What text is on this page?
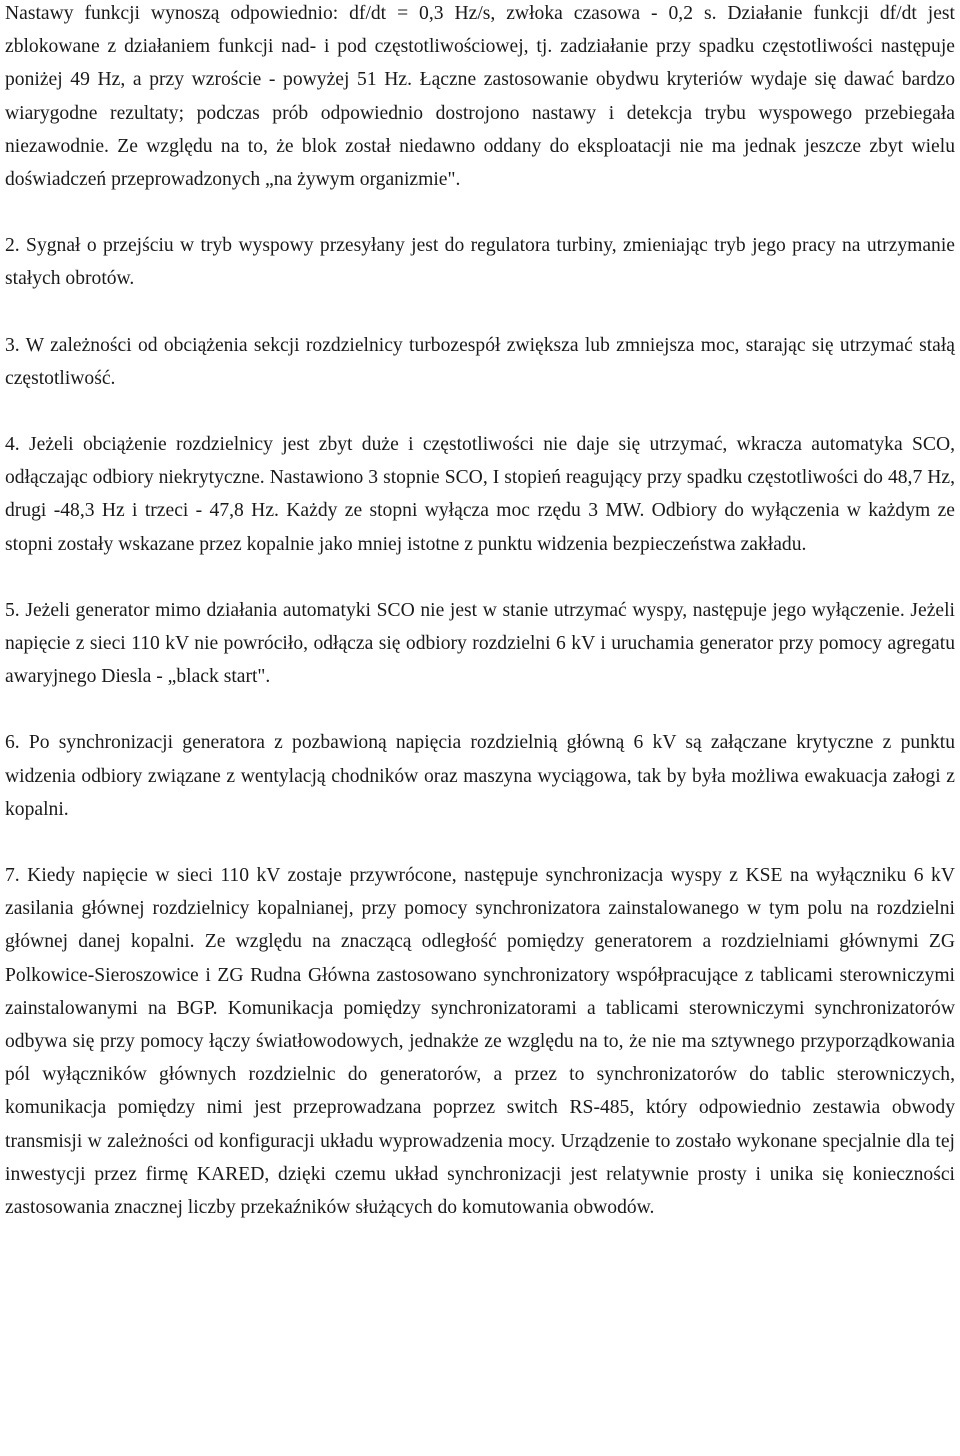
Nastawy funkcji wynoszą odpowiednio: df/dt = 0,3 Hz/s, zwłoka czasowa - 0,2 s. Działanie funkcji df/dt jest zblokowane z działaniem funkcji nad- i pod częstotliwościowej, tj. zadziałanie przy spadku częstotliwości następuje poniżej 49 Hz, a przy wzroście - powyżej 51 Hz. Łączne zastosowanie obydwu kryteriów wydaje się dawać bardzo wiarygodne rezultaty; podczas prób odpowiednio dostrojono nastawy i detekcja trybu wyspowego przebiegała niezawodnie. Ze względu na to, że blok został niedawno oddany do eksploatacji nie ma jednak jeszcze zbyt wielu doświadczeń przeprowadzonych „na żywym organizmie".

2. Sygnał o przejściu w tryb wyspowy przesyłany jest do regulatora turbiny, zmieniając tryb jego pracy na utrzymanie stałych obrotów.

3. W zależności od obciążenia sekcji rozdzielnicy turbozespół zwiększa lub zmniejsza moc, starając się utrzymać stałą częstotliwość.

4. Jeżeli obciążenie rozdzielnicy jest zbyt duże i częstotliwości nie daje się utrzymać, wkracza automatyka SCO, odłączając odbiory niekrytyczne. Nastawiono 3 stopnie SCO, I stopień reagujący przy spadku częstotliwości do 48,7 Hz, drugi -48,3 Hz i trzeci - 47,8 Hz. Każdy ze stopni wyłącza moc rzędu 3 MW. Odbiory do wyłączenia w każdym ze stopni zostały wskazane przez kopalnie jako mniej istotne z punktu widzenia bezpieczeństwa zakładu.

5. Jeżeli generator mimo działania automatyki SCO nie jest w stanie utrzymać wyspy, następuje jego wyłączenie. Jeżeli napięcie z sieci 110 kV nie powróciło, odłącza się odbiory rozdzielni 6 kV i uruchamia generator przy pomocy agregatu awaryjnego Diesla - „black start".

6. Po synchronizacji generatora z pozbawioną napięcia rozdzielnią główną 6 kV są załączane krytyczne z punktu widzenia odbiory związane z wentylacją chodników oraz maszyna wyciągowa, tak by była możliwa ewakuacja załogi z kopalni.

7. Kiedy napięcie w sieci 110 kV zostaje przywrócone, następuje synchronizacja wyspy z KSE na wyłączniku 6 kV zasilania głównej rozdzielnicy kopalnianej, przy pomocy synchronizatora zainstalowanego w tym polu na rozdzielni głównej danej kopalni. Ze względu na znaczącą odległość pomiędzy generatorem a rozdzielniami głównymi ZG Polkowice-Sieroszowice i ZG Rudna Główna zastosowano synchronizatory współpracujące z tablicami sterowniczymi zainstalowanymi na BGP. Komunikacja pomiędzy synchronizatorami a tablicami sterowniczymi synchronizatorów odbywa się przy pomocy łączy światłowodowych, jednakże ze względu na to, że nie ma sztywnego przyporządkowania pól wyłączników głównych rozdzielnic do generatorów, a przez to synchronizatorów do tablic sterowniczych, komunikacja pomiędzy nimi jest przeprowadzana poprzez switch RS-485, który odpowiednio zestawia obwody transmisji w zależności od konfiguracji układu wyprowadzenia mocy. Urządzenie to zostało wykonane specjalnie dla tej inwestycji przez firmę KARED, dzięki czemu układ synchronizacji jest relatywnie prosty i unika się konieczności zastosowania znacznej liczby przekaźników służących do komutowania obwodów.
